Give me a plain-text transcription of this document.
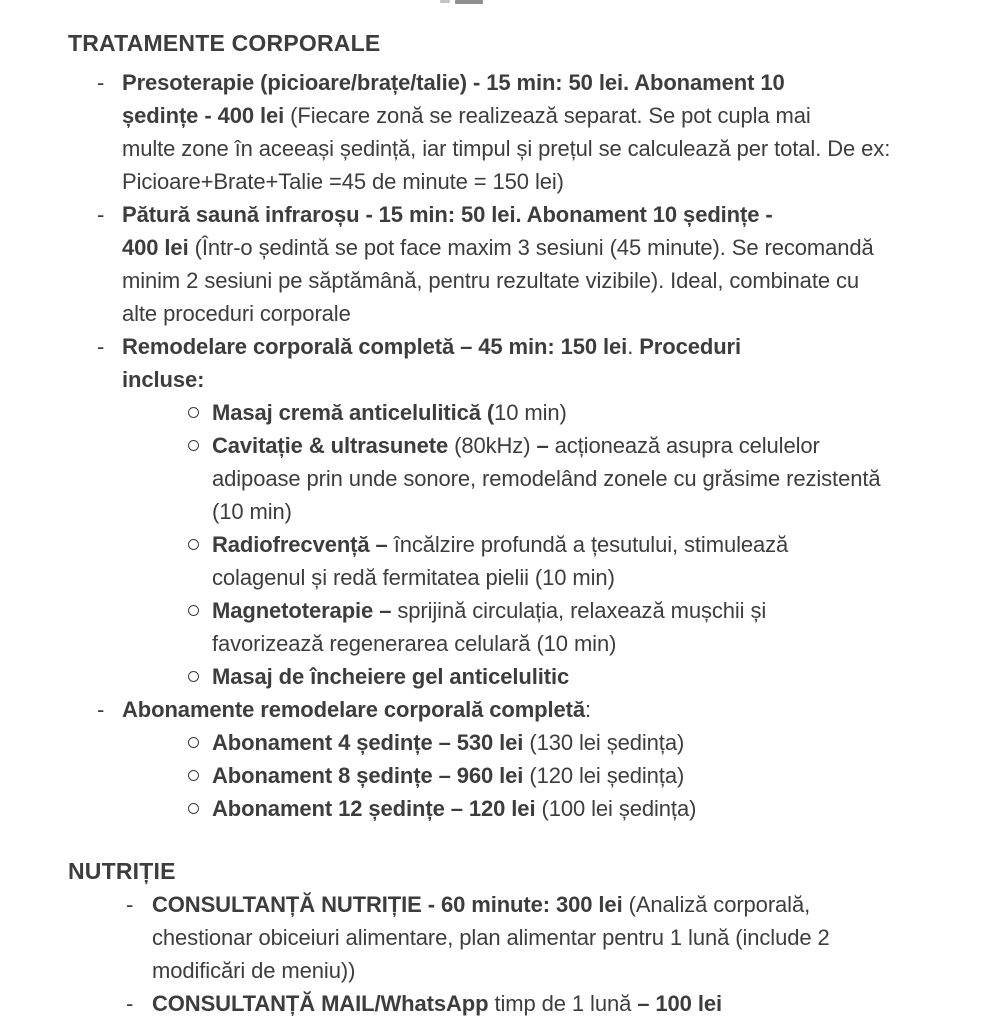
TRATAMENTE CORPORALE
- Presoterapie (picioare/brațe/talie) - 15 min: 50 lei. Abonament 10
ședințe - 400 lei (Fiecare zonă se realizează separat. Se pot cupla mai
multe zone în aceeași ședință, iar timpul și prețul se calculează per total. De ex:
Picioare+Brate+Talie =45 de minute = 150 lei)
- Pătură saună infraroșu - 15 min: 50 lei. Abonament 10 ședințe -
400 lei (Într-o ședintă se pot face maxim 3 sesiuni (45 minute). Se recomandă
minim 2 sesiuni pe săptămână, pentru rezultate vizibile). Ideal, combinate cu
alte proceduri corporale
- Remodelare corporală completă – 45 min: 150 lei. Proceduri
incluse:
Masaj cremă anticelulitică (10 min)
Cavitație & ultrasunete (80kHz) – acționează asupra celulelor
adipoase prin unde sonore, remodelând zonele cu grăsime rezistentă
(10 min)
Radiofrecvență – încălzire profundă a țesutului, stimulează
colagenul și redă fermitatea pielii (10 min)
Magnetoterapie – sprijină circulația, relaxează mușchii și
favorizează regenerarea celulară (10 min)
Masaj de încheiere gel anticelulitic
- Abonamente remodelare corporală completă:
Abonament 4 ședințe – 530 lei (130 lei ședința)
Abonament 8 ședințe – 960 lei (120 lei ședința)
Abonament 12 ședințe – 120 lei (100 lei ședința)
NUTRIȚIE
- CONSULTANȚĂ NUTRIȚIE - 60 minute: 300 lei (Analiză corporală,
chestionar obiceiuri alimentare, plan alimentar pentru 1 lună (include 2
modificări de meniu))
- CONSULTANȚĂ MAIL/WhatsApp timp de 1 lună – 100 lei
